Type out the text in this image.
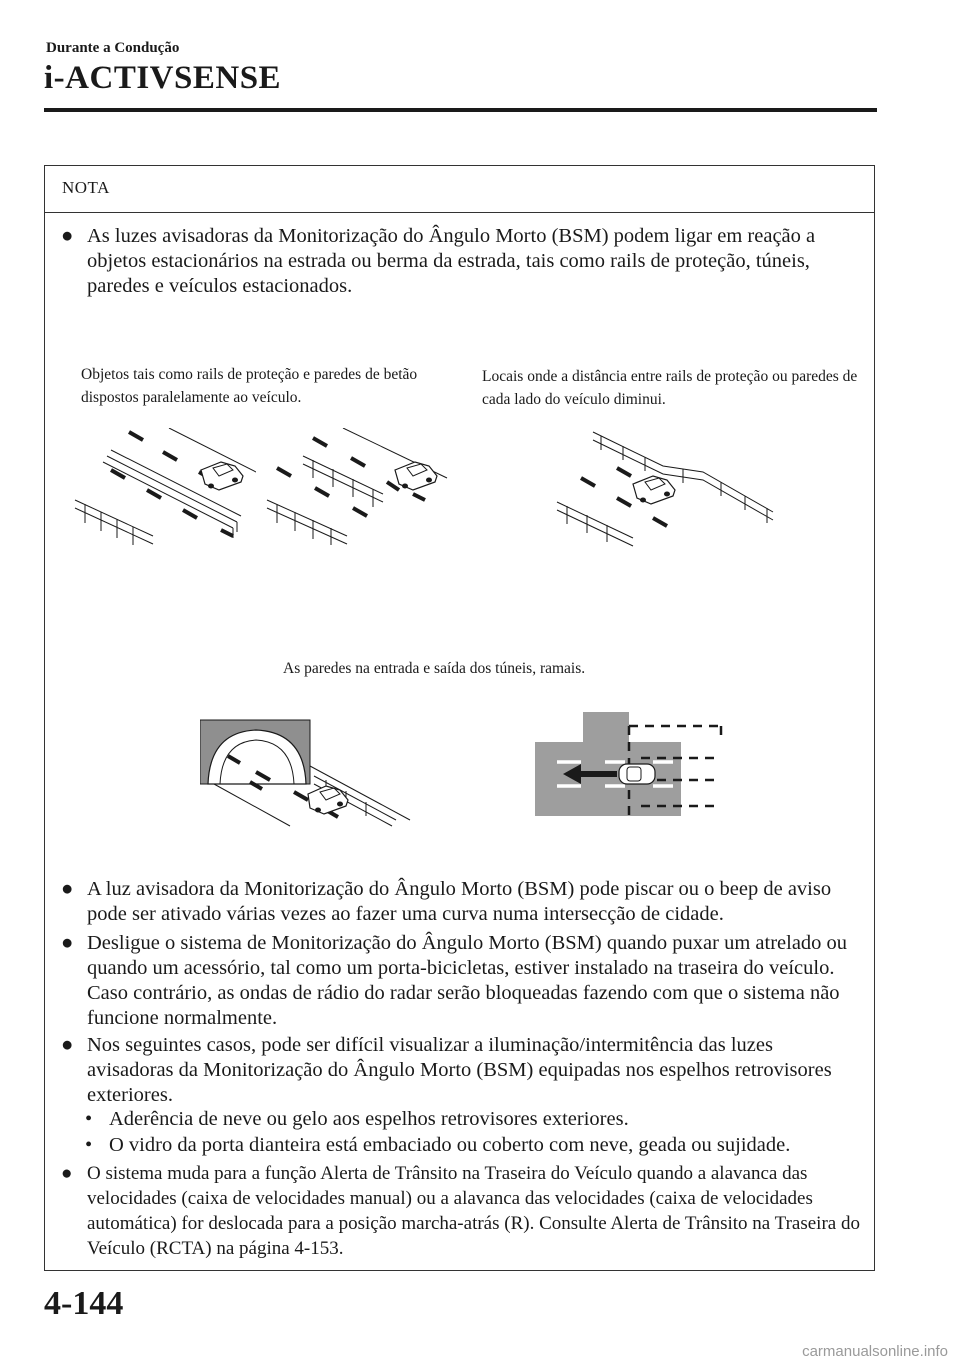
Durante a Condução
i-ACTIVSENSE
NOTA
● As luzes avisadoras da Monitorização do Ângulo Morto (BSM) podem ligar em reação a objetos estacionários na estrada ou berma da estrada, tais como rails de proteção, túneis, paredes e veículos estacionados.
Objetos tais como rails de proteção e paredes de betão dispostos paralelamente ao veículo.
Locais onde a distância entre rails de proteção ou paredes de cada lado do veículo diminui.
As paredes na entrada e saída dos túneis, ramais.
● A luz avisadora da Monitorização do Ângulo Morto (BSM) pode piscar ou o beep de aviso pode ser ativado várias vezes ao fazer uma curva numa intersecção de cidade.
● Desligue o sistema de Monitorização do Ângulo Morto (BSM) quando puxar um atrelado ou quando um acessório, tal como um porta-bicicletas, estiver instalado na traseira do veículo. Caso contrário, as ondas de rádio do radar serão bloqueadas fazendo com que o sistema não funcione normalmente.
● Nos seguintes casos, pode ser difícil visualizar a iluminação/intermitência das luzes avisadoras da Monitorização do Ângulo Morto (BSM) equipadas nos espelhos retrovisores exteriores.
• Aderência de neve ou gelo aos espelhos retrovisores exteriores.
• O vidro da porta dianteira está embaciado ou coberto com neve, geada ou sujidade.
● O sistema muda para a função Alerta de Trânsito na Traseira do Veículo quando a alavanca das velocidades (caixa de velocidades manual) ou a alavanca das velocidades (caixa de velocidades automática) for deslocada para a posição marcha-atrás (R). Consulte Alerta de Trânsito na Traseira do Veículo (RCTA) na página 4-153.
4-144
carmanualsonline.info
